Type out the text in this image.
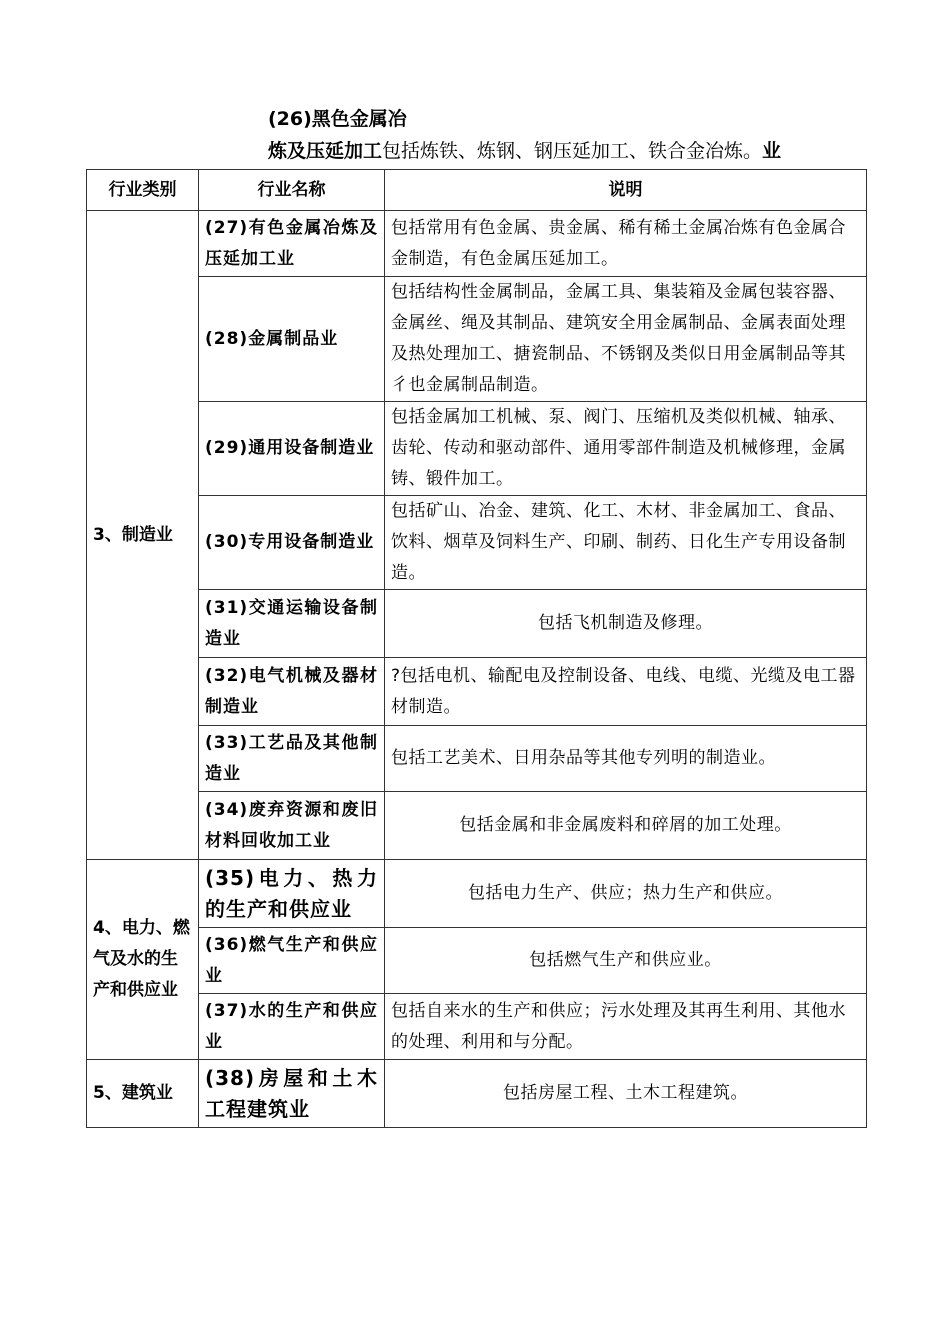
(26)黑色金属冶
炼及压延加工包括炼铁、炼钢、钢压延加工、铁合金冶炼。业
行业类别	行业名称	说明
3、制造业	(27)有色金属冶炼及压延加工业	包括常用有色金属、贵金属、稀有稀土金属冶炼有色金属合金制造，有色金属压延加工。
	(28)金属制品业	包括结构性金属制品，金属工具、集装箱及金属包装容器、金属丝、绳及其制品、建筑安全用金属制品、金属表面处理及热处理加工、搪瓷制品、不锈钢及类似日用金属制品等其彳也金属制品制造。
	(29)通用设备制造业	包括金属加工机械、泵、阀门、压缩机及类似机械、轴承、齿轮、传动和驱动部件、通用零部件制造及机械修理，金属铸、锻件加工。
	(30)专用设备制造业	包括矿山、冶金、建筑、化工、木材、非金属加工、食品、饮料、烟草及饲料生产、印刷、制药、日化生产专用设备制造。
	(31)交通运输设备制造业	包括飞机制造及修理。
	(32)电气机械及器材制造业	?包括电机、输配电及控制设备、电线、电缆、光缆及电工器材制造。
	(33)工艺品及其他制造业	包括工艺美术、日用杂品等其他专列明的制造业。
	(34)废弃资源和废旧材料回收加工业	包括金属和非金属废料和碎屑的加工处理。
4、电力、燃气及水的生产和供应业	(35)电力、热力的生产和供应业	包括电力生产、供应；热力生产和供应。
	(36)燃气生产和供应业	包括燃气生产和供应业。
	(37)水的生产和供应业	包括自来水的生产和供应；污水处理及其再生利用、其他水的处理、利用和与分配。
5、建筑业	(38)房屋和土木工程建筑业	包括房屋工程、土木工程建筑。
